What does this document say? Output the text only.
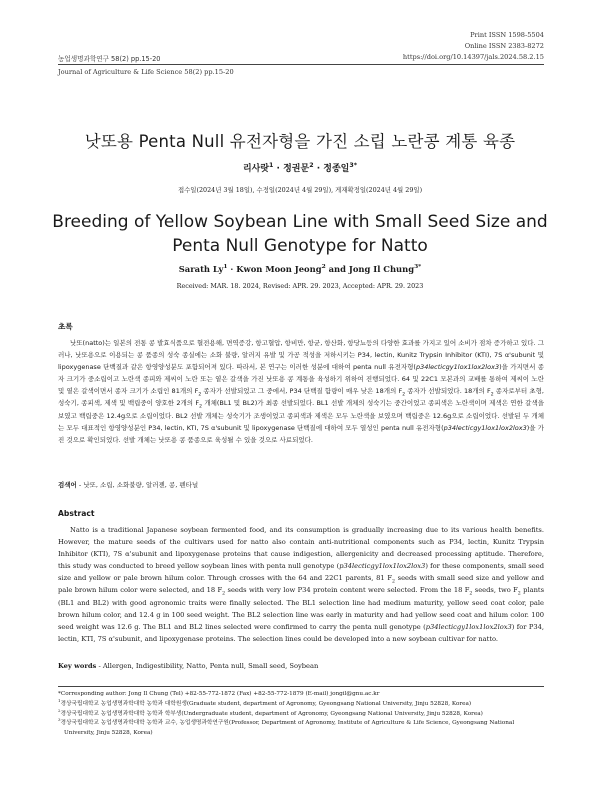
Print ISSN 1598-5504
Online ISSN 2383-8272
농업생명과학연구 58(2) pp.15-20	https://doi.org/10.14397/jals.2024.58.2.15
Journal of Agriculture & Life Science 58(2) pp.15-20
낫또용 Penta Null 유전자형을 가진 소립 노란콩 계통 육종
리사랏$^1$ · 정권문$^2$ · 정종일$^{3*}$
접수일(2024년 3월 18일), 수정일(2024년 4월 29일), 게재확정일(2024년 4월 29일)
Breeding of Yellow Soybean Line with Small Seed Size and
Penta Null Genotype for Natto
Sarath $Ly^1$ · Kwon Moon Jeong$^2$ and Jong Il Chung$^{3*}$
Received: MAR. 18. 2024, Revised: APR. 29. 2023, Accepted: APR. 29. 2023
초록
낫또(natto)는 일본의 전통 콩 발효식품으로 혈전용해, 면역증강, 항고혈압, 항비만, 항균, 항산화, 항당뇨등의 다양한 효과를 가지고 있어 소비가 점차 증가하고 있다. 그러나, 낫또용으로 이용되는 콩 품종의 성숙 종실에는 소화 불량, 알러지 유발 및 가공 적성을 저하시키는 P34, lectin, Kunitz Trypsin Inhibitor (KTI), 7S α'subunit 및 lipoxygenase 단백질과 같은 항영양성분도 포함되어져 있다. 따라서, 본 연구는 이러한 성분에 대하여 penta null 유전자형(p34lecticgy1lox1lox2lox3)을 가지면서 종자 크기가 중소립이고 노란색 종피와 제씨이 노란 또는 옅은 갈색을 가진 낫또용 콩 계통을 육성하기 위하여 진행되었다. 64 및 22C1 모본과의 교배를 통하여 제씨이 노란 및 옅은 갈색이면서 종자 크기가 소립인 81개의 $F_2$ 종자가 선발되었고 그 중에서, P34 단백질 함량이 매우 낮은 18개의 $F_2$ 종자가 선발되었다. 18개의 $F_2$ 종자로부터 초형, 성숙기, 종피색, 제색 및 백립중이 양호한 2개의 $F_2$ 개체(BL1 및 BL2)가 최종 선발되었다. BL1 선발 개체의 성숙기는 중간이었고 종피색은 노란색이며 제색은 연한 갈색을 보였고 백립중은 12.4g으로 소립이었다. BL2 선발 개체는 성숙기가 조생이었고 종피색과 제색은 모두 노란색을 보였으며 백립중은 12.6g으로 소립이었다. 선발된 두 개체는 모두 대표적인 항영양성분인 P34, lectin, KTI, 7S α'subunit 및 lipoxygenase 단백질에 대하여 모두 열성인 penta null 유전자형(p34lecticgy1lox1lox2lox3)을 가진 것으로 확인되었다. 선발 개체는 낫또용 콩 품종으로 육성될 수 있을 것으로 사료되었다.
검색어 - 낫또, 소립, 소화불량, 알러젠, 콩, 펜타널
Abstract
Natto is a traditional Japanese soybean fermented food, and its consumption is gradually increasing due to its various health benefits. However, the mature seeds of the cultivars used for natto also contain anti-nutritional components such as P34, lectin, Kunitz Trypsin Inhibitor (KTI), 7S α'subunit and lipoxygenase proteins that cause indigestion, allergenicity and decreased processing aptitude. Therefore, this study was conducted to breed yellow soybean lines with penta null genotype (p34lecticgy1lox1lox2lox3) for these components, small seed size and yellow or pale brown hilum color. Through crosses with the 64 and 22C1 parents, 81 $F_2$ seeds with small seed size and yellow and pale brown hilum color were selected, and 18 $F_2$ seeds with very low P34 protein content were selected. From the 18 $F_2$ seeds, two $F_2$ plants (BL1 and BL2) with good agronomic traits were finally selected. The BL1 selection line had medium maturity, yellow seed coat color, pale brown hilum color, and 12.4 g in 100 seed weight. The BL2 selection line was early in maturity and had yellow seed coat and hilum color. 100 seed weight was 12.6 g. The BL1 and BL2 lines selected were confirmed to carry the penta null genotype (p34lecticgy1lox1lox2lox3) for P34, lectin, KTI, 7S α'subunit, and lipoxygenase proteins. The selection lines could be developed into a new soybean cultivar for natto.
Key words - Allergen, Indigestibility, Natto, Penta null, Small seed, Soybean
*Corresponding author: Jong Il Chung (Tel) +82-55-772-1872 (Fax) +82-55-772-1879 (E-mail) jongil@gnu.ac.kr
$^1$경상국립대학교 농업생명과학대학 농학과 대학원생(Graduate student, department of Agronomy, Gyeongsang National University, Jinju 52828, Korea)
$^2$경상국립대학교 농업생명과학대학 농학과 학부생(Undergraduate student, department of Agronomy, Gyeongsang National University, Jinju 52828, Korea)
$^3$경상국립대학교 농업생명과학대학 농학과 교수, 농업생명과학연구원(Professor, Department of Agronomy, Institute of Agriculture & Life Science, Gyeongsang National University, Jinju 52828, Korea)
